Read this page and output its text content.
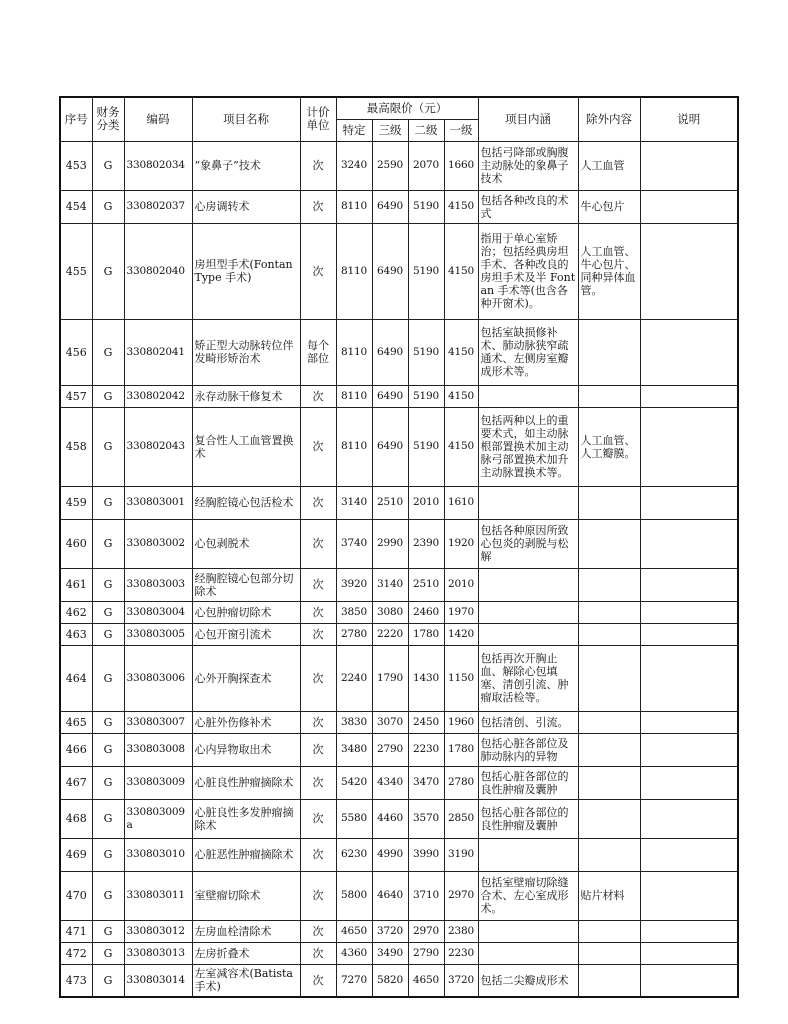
序号	财务分类	编码	项目名称	计价单位	最高限价（元）				项目内涵	除外内容	说明
					特定	三级	二级	一级			
453	G	330802034	“象鼻子”技术	次	3240	2590	2070	1660	包括弓降部或胸腹主动脉处的象鼻子技术	人工血管	
454	G	330802037	心房调转术	次	8110	6490	5190	4150	包括各种改良的术式	牛心包片	
455	G	330802040	房坦型手术(Fontan Type 手术)	次	8110	6490	5190	4150	指用于单心室矫治；包括经典房坦手术、各种改良的房坦手术及半 Fontan 手术等(也含各种开窗术)。	人工血管、牛心包片、同种异体血管。	
456	G	330802041	矫正型大动脉转位伴发畸形矫治术	每个部位	8110	6490	5190	4150	包括室缺损修补术、肺动脉狭窄疏通术、左侧房室瓣成形术等。		
457	G	330802042	永存动脉干修复术	次	8110	6490	5190	4150			
458	G	330802043	复合性人工血管置换术	次	8110	6490	5190	4150	包括两种以上的重要术式，如主动脉根部置换术加主动脉弓部置换术加升主动脉置换术等。	人工血管、人工瓣膜。	
459	G	330803001	经胸腔镜心包活检术	次	3140	2510	2010	1610			
460	G	330803002	心包剥脱术	次	3740	2990	2390	1920	包括各种原因所致心包炎的剥脱与松解		
461	G	330803003	经胸腔镜心包部分切除术	次	3920	3140	2510	2010			
462	G	330803004	心包肿瘤切除术	次	3850	3080	2460	1970			
463	G	330803005	心包开窗引流术	次	2780	2220	1780	1420			
464	G	330803006	心外开胸探查术	次	2240	1790	1430	1150	包括再次开胸止血、解除心包填塞、清创引流、肿瘤取活检等。		
465	G	330803007	心脏外伤修补术	次	3830	3070	2450	1960	包括清创、引流。		
466	G	330803008	心内异物取出术	次	3480	2790	2230	1780	包括心脏各部位及肺动脉内的异物		
467	G	330803009	心脏良性肿瘤摘除术	次	5420	4340	3470	2780	包括心脏各部位的良性肿瘤及囊肿		
468	G	330803009a	心脏良性多发肿瘤摘除术	次	5580	4460	3570	2850	包括心脏各部位的良性肿瘤及囊肿		
469	G	330803010	心脏恶性肿瘤摘除术	次	6230	4990	3990	3190			
470	G	330803011	室壁瘤切除术	次	5800	4640	3710	2970	包括室壁瘤切除缝合术、左心室成形术。	贴片材料	
471	G	330803012	左房血栓清除术	次	4650	3720	2970	2380			
472	G	330803013	左房折叠术	次	4360	3490	2790	2230			
473	G	330803014	左室减容术(Batista 手术)	次	7270	5820	4650	3720	包括二尖瓣成形术		
